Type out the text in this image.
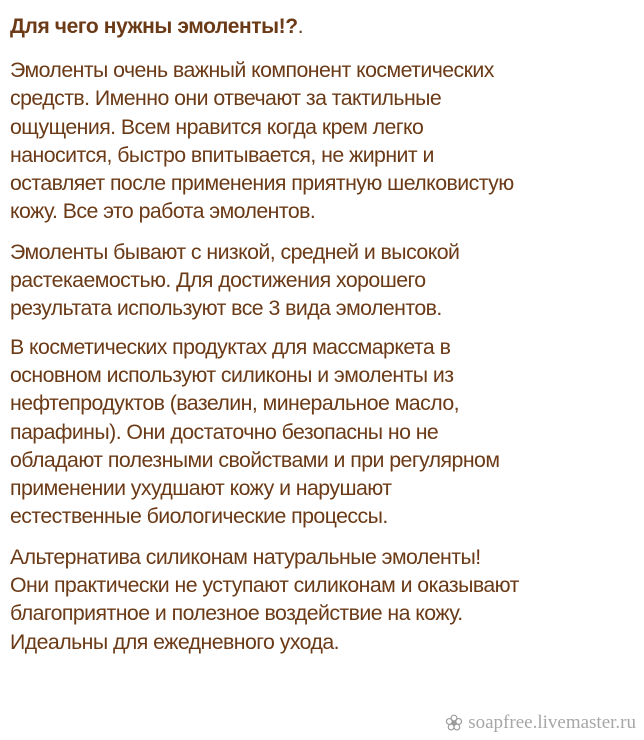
Для чего нужны эмоленты!?.
Эмоленты очень важный компонент косметических
средств. Именно они отвечают за тактильные
ощущения. Всем нравится когда крем легко
наносится, быстро впитывается, не жирнит и
оставляет после применения приятную шелковистую
кожу. Все это работа эмолентов.
Эмоленты бывают с низкой, средней и высокой
растекаемостью. Для достижения хорошего
результата используют все 3 вида эмолентов.
В косметических продуктах для массмаркета в
основном используют силиконы и эмоленты из
нефтепродуктов (вазелин, минеральное масло,
парафины). Они достаточно безопасны но не
обладают полезными свойствами и при регулярном
применении ухудшают кожу и нарушают
естественные биологические процессы.
Альтернатива силиконам натуральные эмоленты!
Они практически не уступают силиконам и оказывают
благоприятное и полезное воздействие на кожу.
Идеальны для ежедневного ухода.
soapfree.livemaster.ru
